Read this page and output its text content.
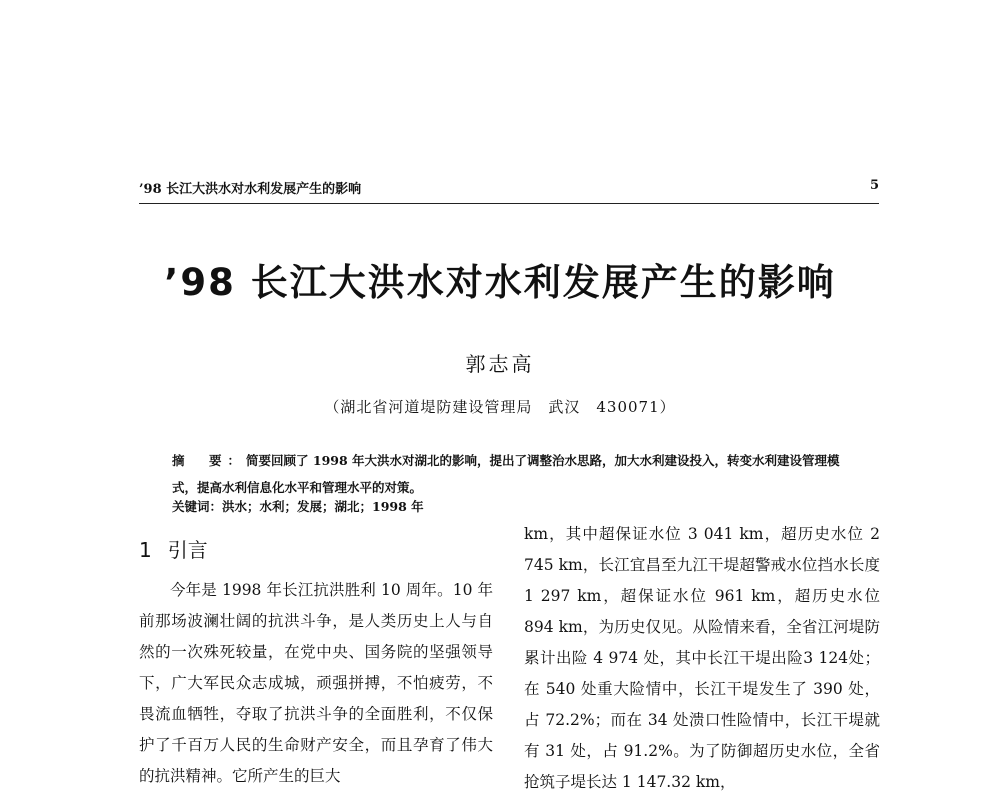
’98 长江大洪水对水利发展产生的影响	5
’98 长江大洪水对水利发展产生的影响
郭志高
（湖北省河道堤防建设管理局　武汉　430071）
摘　要：简要回顾了 1998 年大洪水对湖北的影响，提出了调整治水思路，加大水利建设投入，转变水利建设管理模式，提高水利信息化水平和管理水平的对策。
关键词：洪水；水利；发展；湖北；1998 年
1 引言
今年是 1998 年长江抗洪胜利 10 周年。10 年前那场波澜壮阔的抗洪斗争，是人类历史上人与自然的一次殊死较量，在党中央、国务院的坚强领导下，广大军民众志成城，顽强拼搏，不怕疲劳，不畏流血牺牲，夺取了抗洪斗争的全面胜利，不仅保护了千百万人民的生命财产安全，而且孕育了伟大的抗洪精神。它所产生的巨大
km，其中超保证水位 3 041 km，超历史水位 2 745 km，长江宜昌至九江干堤超警戒水位挡水长度 1 297 km，超保证水位 961 km，超历史水位 894 km，为历史仅见。从险情来看，全省江河堤防累计出险 4 974 处，其中长江干堤出险3 124处；在 540 处重大险情中，长江干堤发生了 390 处，占 72.2%；而在 34 处溃口性险情中，长江干堤就有 31 处，占 91.2%。为了防御超历史水位，全省抢筑子堤长达 1 147.32 km，
